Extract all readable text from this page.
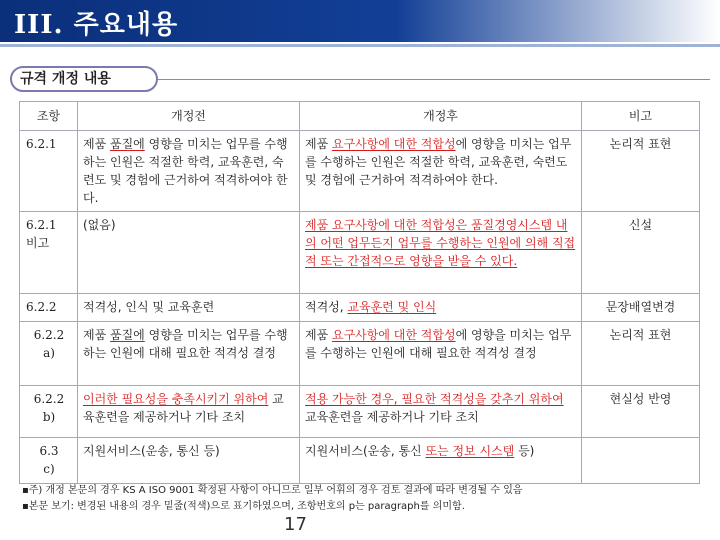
III. 주요내용
규격 개정 내용
조항	개정전	개정후	비고

6.2.1	제품 품질에 영향을 미치는 업무를 수행하는 인원은 적절한 학력, 교육훈련, 숙련도 및 경험에 근거하여 적격하여야 한다.	제품 요구사항에 대한 적합성에 영향을 미치는 업무를 수행하는 인원은 적절한 학력, 교육훈련, 숙련도 및 경험에 근거하여 적격하여야 한다.	논리적 표현

6.2.1
비고	(없음)	제품 요구사항에 대한 적합성은 품질경영시스템 내의 어떤 업무든지 업무를 수행하는 인원에 의해 직접적 또는 간접적으로 영향을 받을 수 있다.	신설

6.2.2	적격성, 인식 및 교육훈련	적격성, 교육훈련 및 인식	문장배열변경

6.2.2
a)	제품 품질에 영향을 미치는 업무를 수행하는 인원에 대해 필요한 적격성 결정	제품 요구사항에 대한 적합성에 영향을 미치는 업무를 수행하는 인원에 대해 필요한 적격성 결정	논리적 표현

6.2.2
b)	이러한 필요성을 충족시키기 위하여 교육훈련을 제공하거나 기타 조치	적용 가능한 경우, 필요한 적격성을 갖추기 위하여 교육훈련을 제공하거나 기타 조치	현실성 반영

6.3
c)	지원서비스(운송, 통신 등)	지원서비스(운송, 통신 또는 정보 시스템 등)	
▪주) 개정 본문의 경우 KS A ISO 9001 확정된 사항이 아니므로 일부 어휘의 경우 검토 결과에 따라 변경될 수 있음
▪본문 보기: 변경된 내용의 경우 밑줄(적색)으로 표기하였으며, 조항번호의 p는 paragraph를 의미함.
17
